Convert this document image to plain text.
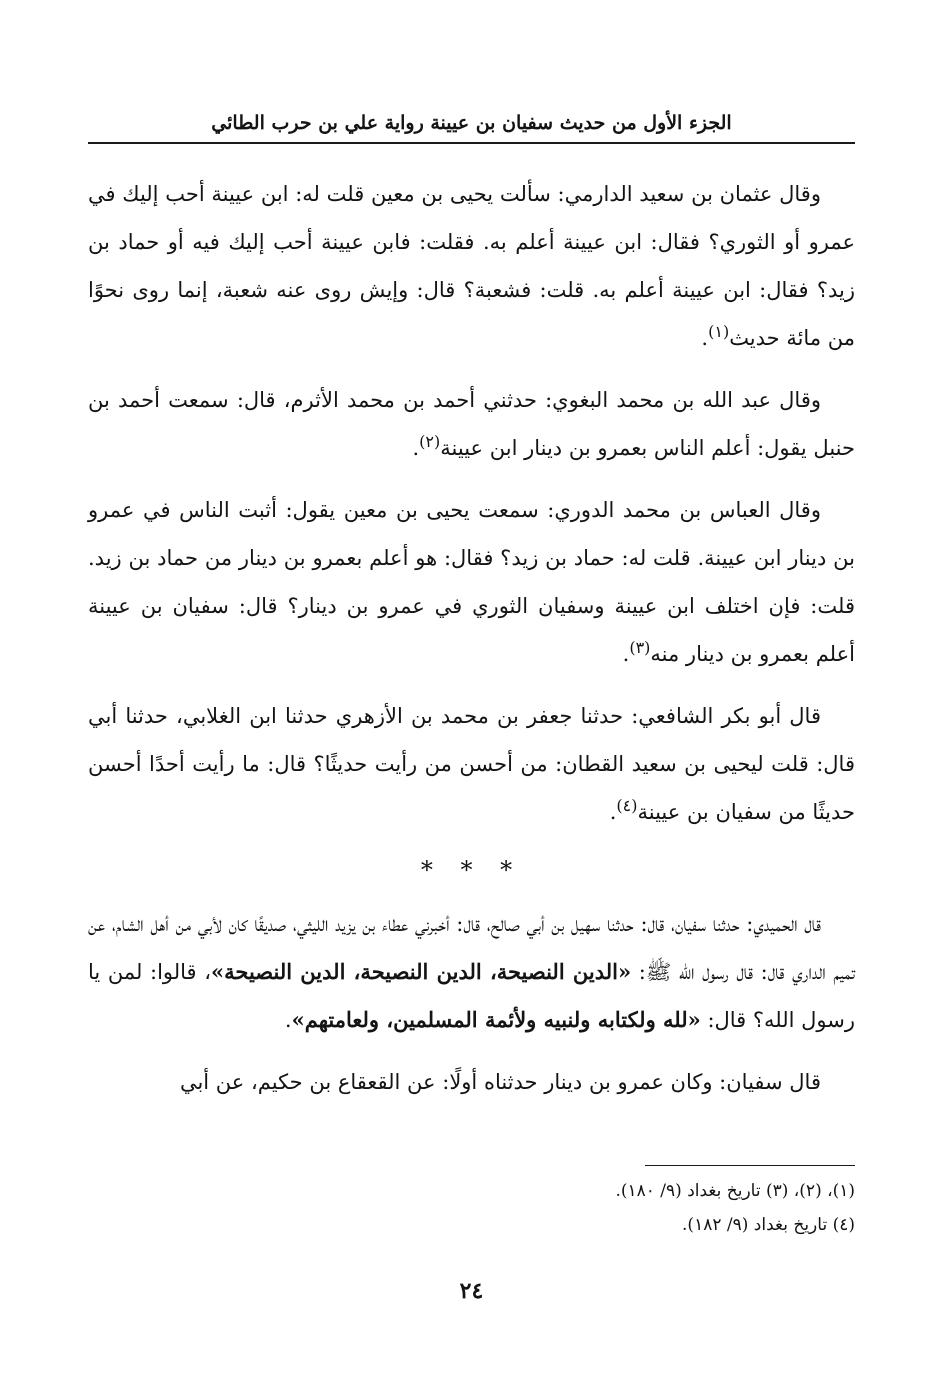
الجزء الأول من حديث سفيان بن عيينة رواية علي بن حرب الطائي

وقال عثمان بن سعيد الدارمي: سألت يحيى بن معين قلت له: ابن عيينة أحب إليك في عمرو أو الثوري؟ فقال: ابن عيينة أعلم به. فقلت: فابن عيينة أحب إليك فيه أو حماد بن زيد؟ فقال: ابن عيينة أعلم به. قلت: فشعبة؟ قال: وإيش روى عنه شعبة، إنما روى نحوًا من مائة حديث$^{(١)}$.

وقال عبد الله بن محمد البغوي: حدثني أحمد بن محمد الأثرم، قال: سمعت أحمد بن حنبل يقول: أعلم الناس بعمرو بن دينار ابن عيينة$^{(٢)}$.

وقال العباس بن محمد الدوري: سمعت يحيى بن معين يقول: أثبت الناس في عمرو بن دينار ابن عيينة. قلت له: حماد بن زيد؟ فقال: هو أعلم بعمرو بن دينار من حماد بن زيد. قلت: فإن اختلف ابن عيينة وسفيان الثوري في عمرو بن دينار؟ قال: سفيان بن عيينة أعلم بعمرو بن دينار منه$^{(٣)}$.

قال أبو بكر الشافعي: حدثنا جعفر بن محمد بن الأزهري حدثنا ابن الغلابي، حدثنا أبي قال: قلت ليحيى بن سعيد القطان: من أحسن من رأيت حديثًا؟ قال: ما رأيت أحدًا أحسن حديثًا من سفيان بن عيينة$^{(٤)}$.

* * *

قال الحميدي: حدثنا سفيان، قال: حدثنا سهيل بن أبي صالح، قال: أخبرني عطاء بن يزيد الليثي، صديقًا كان لأبي من أهل الشام، عن تميم الداري قال: قال رسول الله ﷺ: «الدين النصيحة، الدين النصيحة، الدين النصيحة»، قالوا: لمن يا رسول الله؟ قال: «لله ولكتابه ولنبيه ولأئمة المسلمين، ولعامتهم».

قال سفيان: وكان عمرو بن دينار حدثناه أولًا: عن القعقاع بن حكيم، عن أبي

(١)، (٢)، (٣) تاريخ بغداد (٩/ ١٨٠).

(٤) تاريخ بغداد (٩/ ١٨٢).

٢٤
